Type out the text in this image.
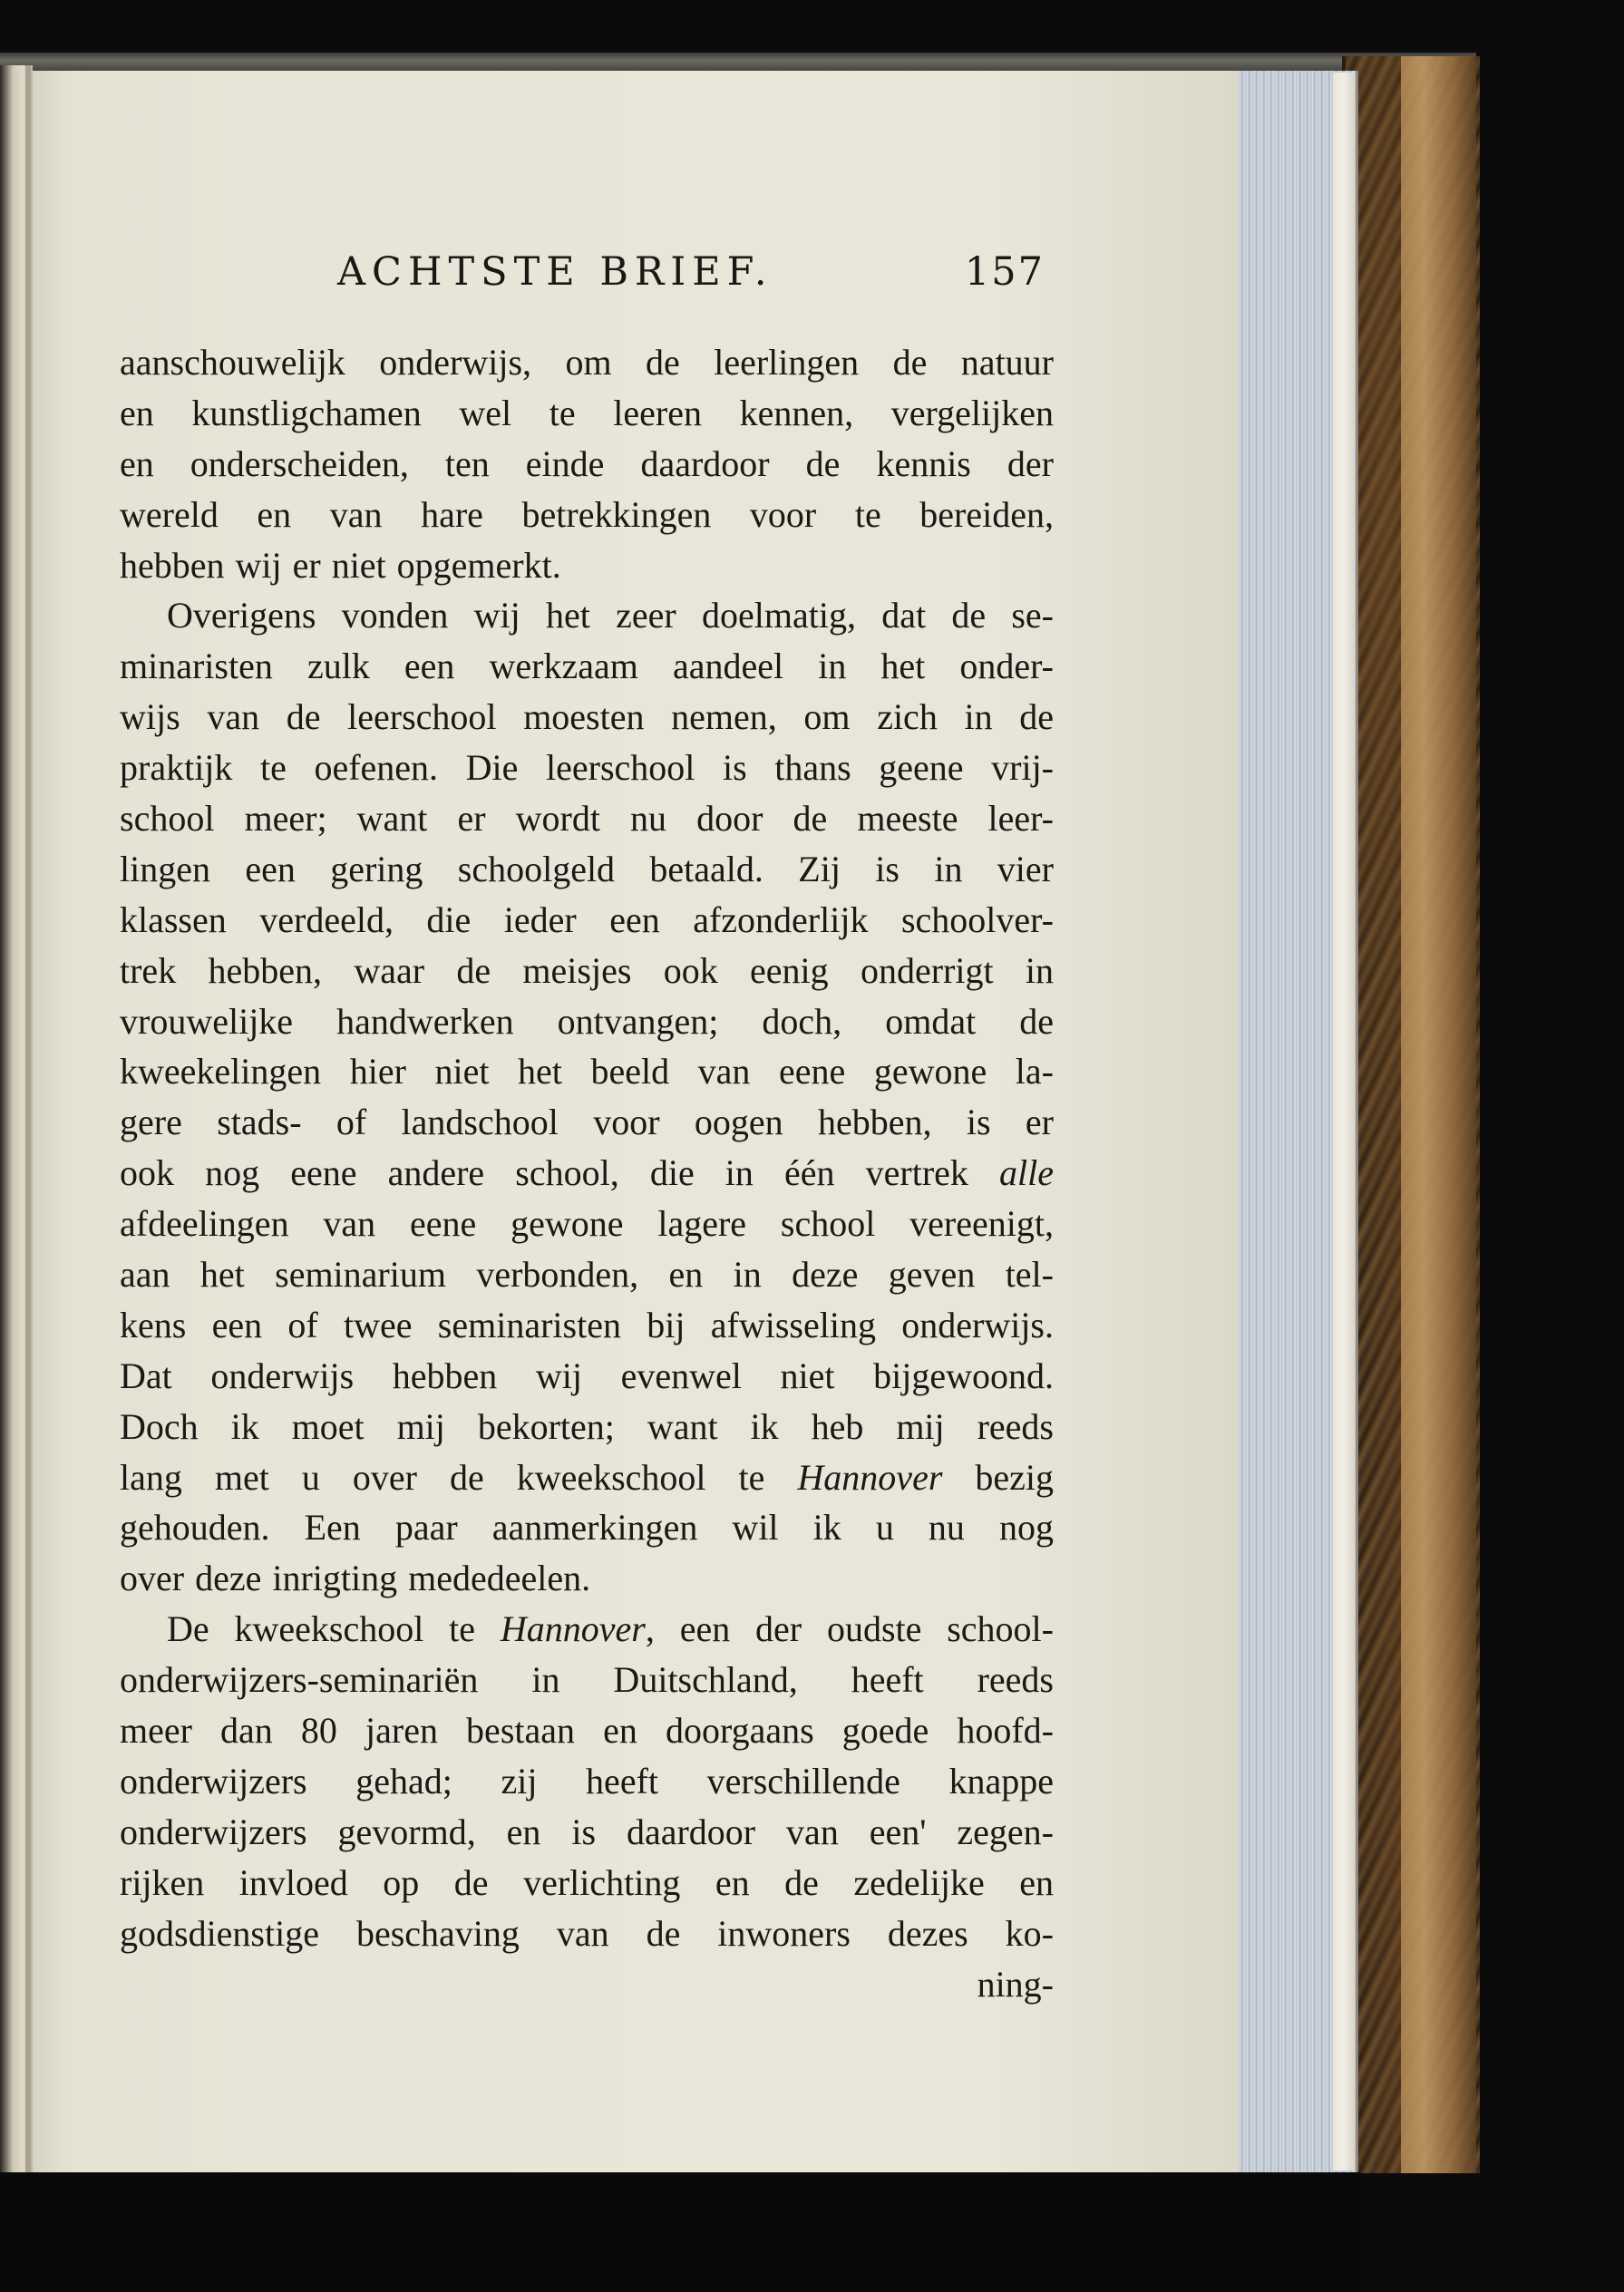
ACHTSTE BRIEF.	157
aanschouwelijk onderwijs, om de leerlingen de natuur
en kunstligchamen wel te leeren kennen, vergelijken
en onderscheiden, ten einde daardoor de kennis der
wereld en van hare betrekkingen voor te bereiden,
hebben wij er niet opgemerkt.
Overigens vonden wij het zeer doelmatig, dat de se-
minaristen zulk een werkzaam aandeel in het onder-
wijs van de leerschool moesten nemen, om zich in de
praktijk te oefenen. Die leerschool is thans geene vrij-
school meer; want er wordt nu door de meeste leer-
lingen een gering schoolgeld betaald. Zij is in vier
klassen verdeeld, die ieder een afzonderlijk schoolver-
trek hebben, waar de meisjes ook eenig onderrigt in
vrouwelijke handwerken ontvangen; doch, omdat de
kweekelingen hier niet het beeld van eene gewone la-
gere stads- of landschool voor oogen hebben, is er
ook nog eene andere school, die in één vertrek alle
afdeelingen van eene gewone lagere school vereenigt,
aan het seminarium verbonden, en in deze geven tel-
kens een of twee seminaristen bij afwisseling onderwijs.
Dat onderwijs hebben wij evenwel niet bijgewoond.
Doch ik moet mij bekorten; want ik heb mij reeds
lang met u over de kweekschool te Hannover bezig
gehouden. Een paar aanmerkingen wil ik u nu nog
over deze inrigting mededeelen.
De kweekschool te Hannover, een der oudste school-
onderwijzers-seminariën in Duitschland, heeft reeds
meer dan 80 jaren bestaan en doorgaans goede hoofd-
onderwijzers gehad; zij heeft verschillende knappe
onderwijzers gevormd, en is daardoor van een' zegen-
rijken invloed op de verlichting en de zedelijke en
godsdienstige beschaving van de inwoners dezes ko-
ning-
